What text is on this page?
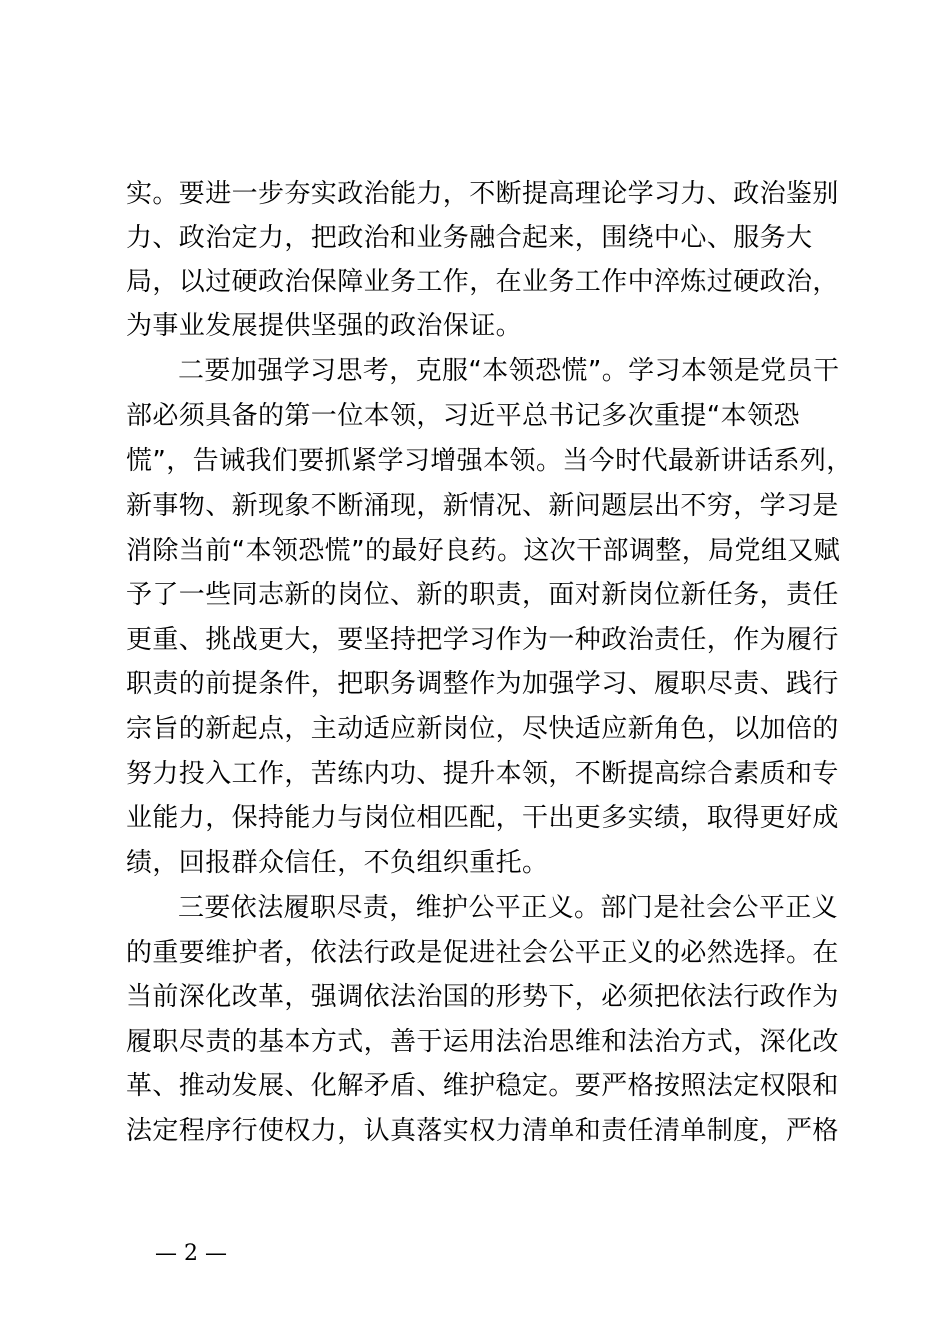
实。要进一步夯实政治能力，不断提高理论学习力、政治鉴别
力、政治定力，把政治和业务融合起来，围绕中心、服务大
局，以过硬政治保障业务工作，在业务工作中淬炼过硬政治，
为事业发展提供坚强的政治保证。
二要加强学习思考，克服“本领恐慌”。学习本领是党员干
部必须具备的第一位本领，习近平总书记多次重提“本领恐
慌”，告诫我们要抓紧学习增强本领。当今时代最新讲话系列，
新事物、新现象不断涌现，新情况、新问题层出不穷，学习是
消除当前“本领恐慌”的最好良药。这次干部调整，局党组又赋
予了一些同志新的岗位、新的职责，面对新岗位新任务，责任
更重、挑战更大，要坚持把学习作为一种政治责任，作为履行
职责的前提条件，把职务调整作为加强学习、履职尽责、践行
宗旨的新起点，主动适应新岗位，尽快适应新角色，以加倍的
努力投入工作，苦练内功、提升本领，不断提高综合素质和专
业能力，保持能力与岗位相匹配，干出更多实绩，取得更好成
绩，回报群众信任，不负组织重托。
三要依法履职尽责，维护公平正义。部门是社会公平正义
的重要维护者，依法行政是促进社会公平正义的必然选择。在
当前深化改革，强调依法治国的形势下，必须把依法行政作为
履职尽责的基本方式，善于运用法治思维和法治方式，深化改
革、推动发展、化解矛盾、维护稳定。要严格按照法定权限和
法定程序行使权力，认真落实权力清单和责任清单制度，严格
— 2 —
